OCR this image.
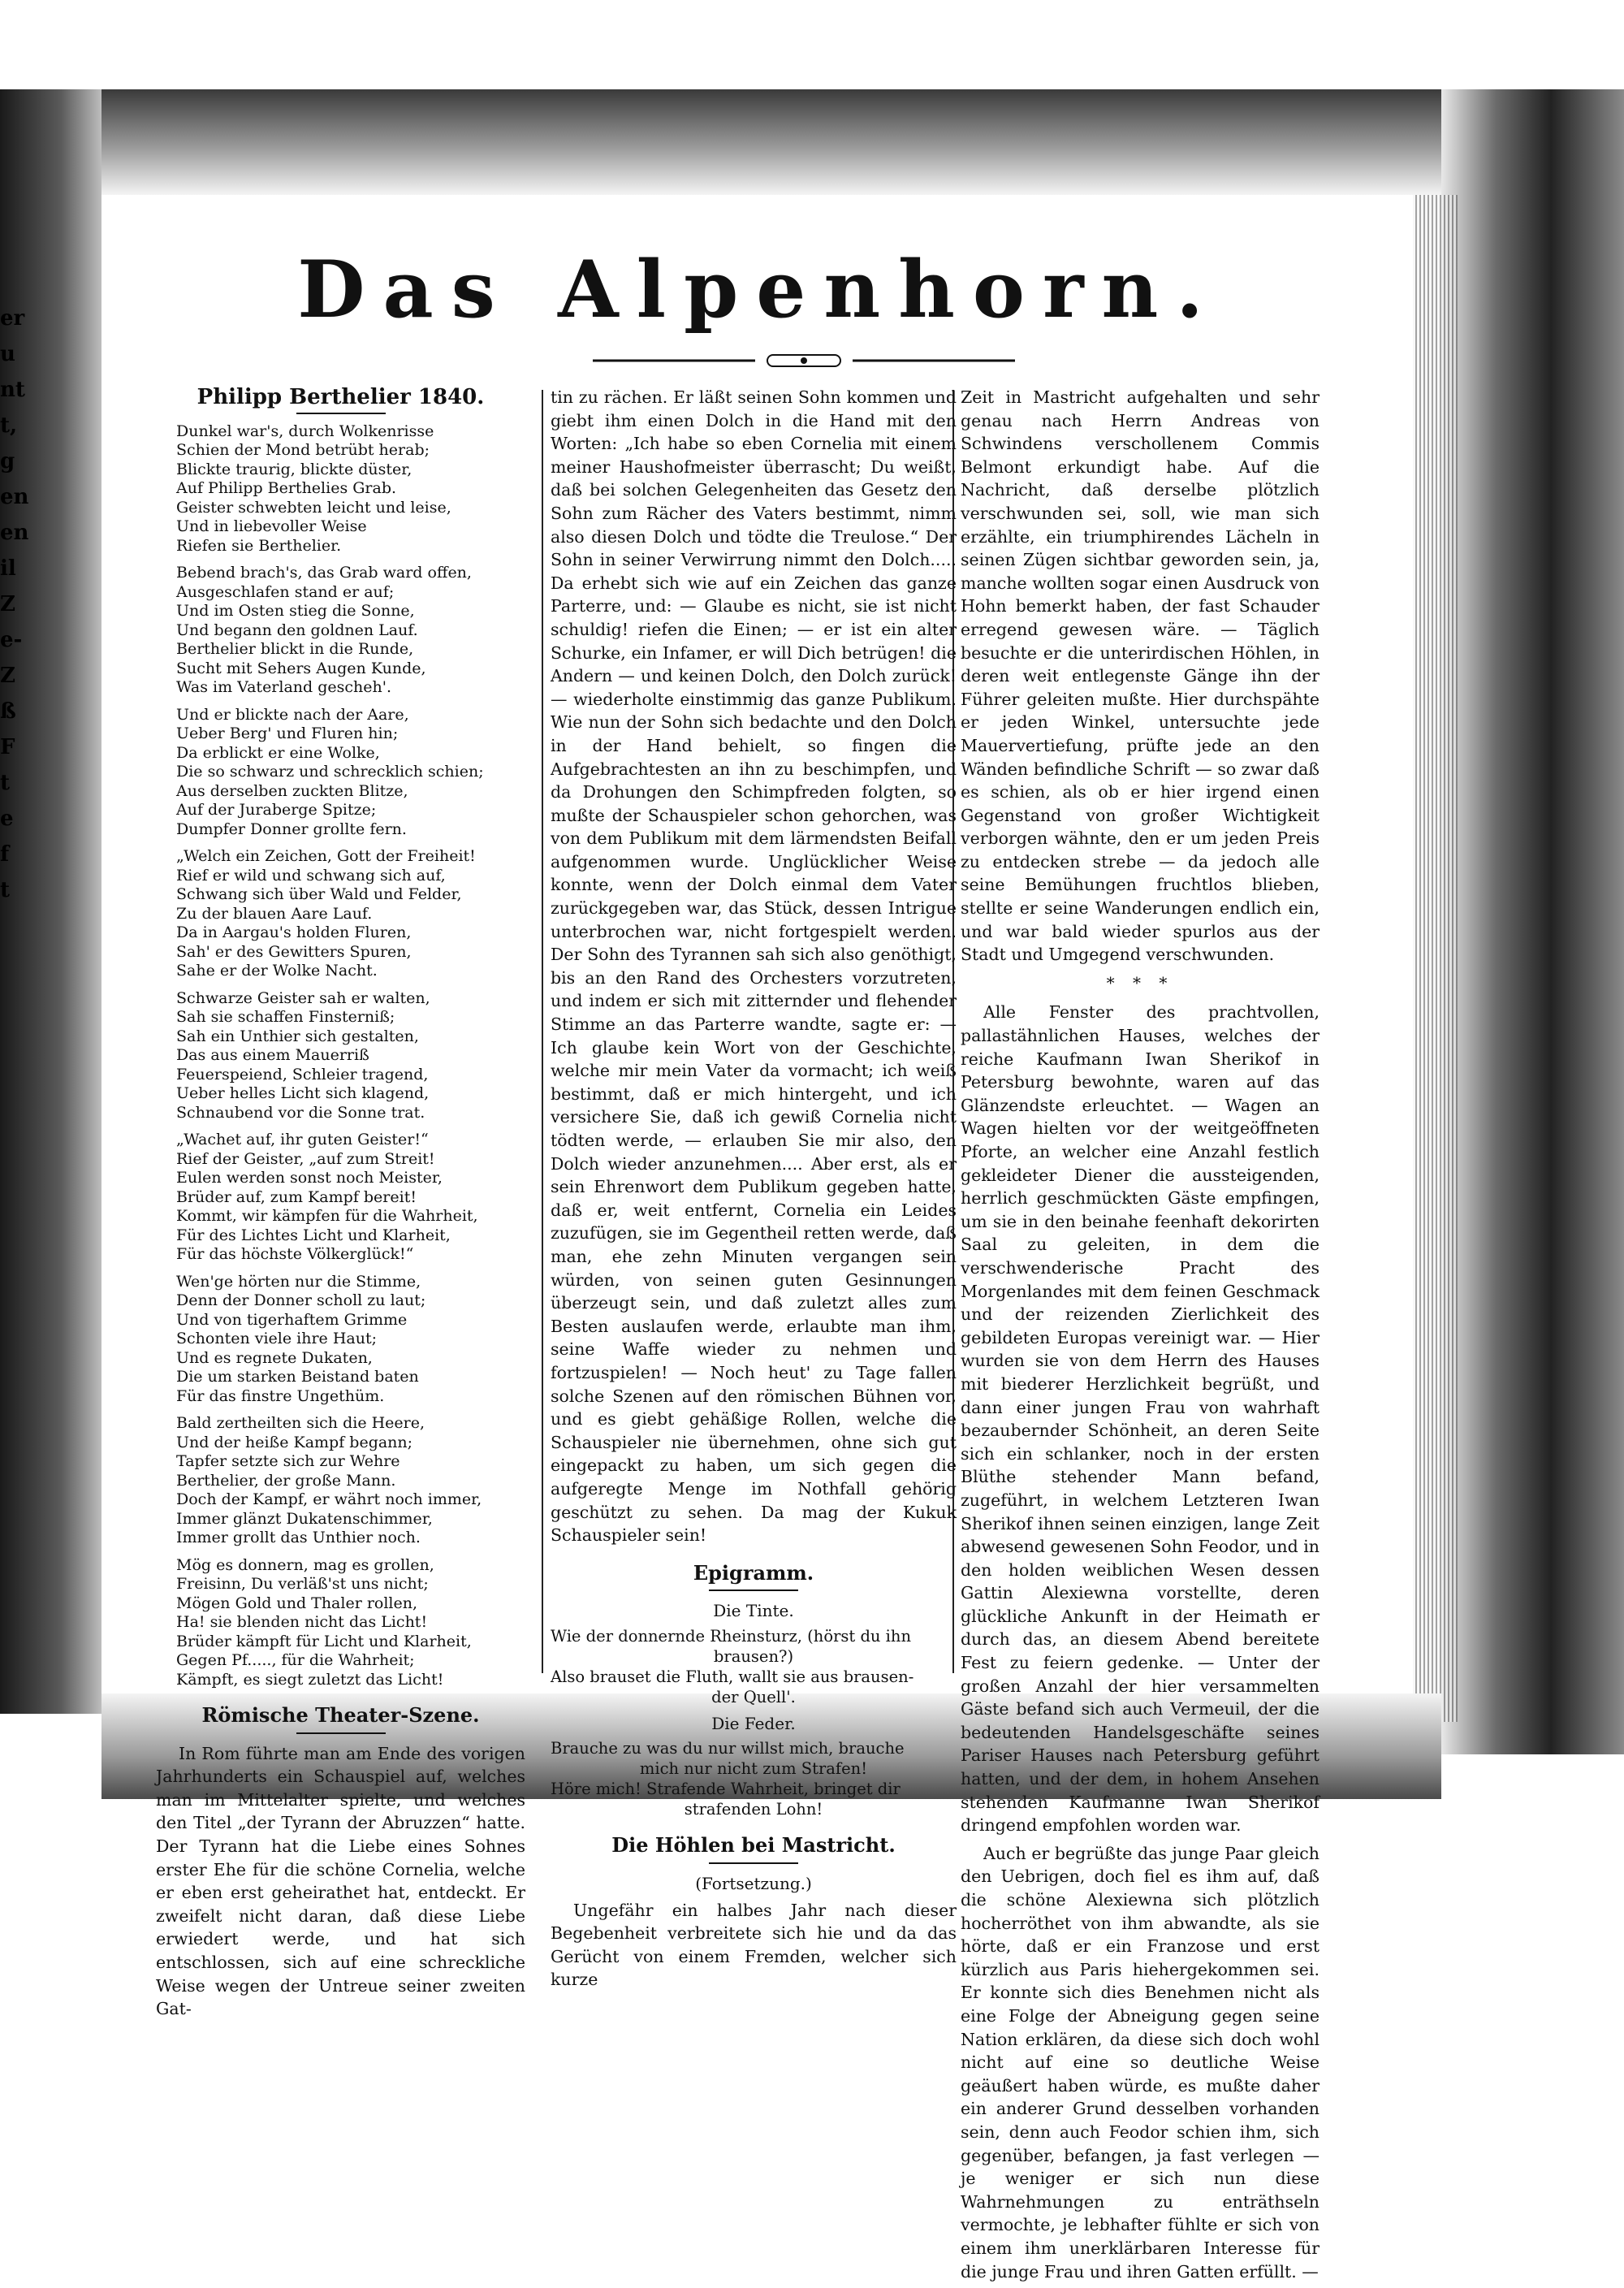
er
u
nt
t,
g
en
en
il
Z
e-
Z
ß
F
t
e
f
t
Das Alpenhorn.
Philipp Berthelier 1840.
Dunkel war's, durch Wolkenrisse
Schien der Mond betrübt herab;
Blickte traurig, blickte düster,
Auf Philipp Berthelies Grab.
Geister schwebten leicht und leise,
Und in liebevoller Weise
Riefen sie Berthelier.
Bebend brach's, das Grab ward offen,
Ausgeschlafen stand er auf;
Und im Osten stieg die Sonne,
Und begann den goldnen Lauf.
Berthelier blickt in die Runde,
Sucht mit Sehers Augen Kunde,
Was im Vaterland gescheh'.
Und er blickte nach der Aare,
Ueber Berg' und Fluren hin;
Da erblickt er eine Wolke,
Die so schwarz und schrecklich schien;
Aus derselben zuckten Blitze,
Auf der Juraberge Spitze;
Dumpfer Donner grollte fern.
„Welch ein Zeichen, Gott der Freiheit!
Rief er wild und schwang sich auf,
Schwang sich über Wald und Felder,
Zu der blauen Aare Lauf.
Da in Aargau's holden Fluren,
Sah' er des Gewitters Spuren,
Sahe er der Wolke Nacht.
Schwarze Geister sah er walten,
Sah sie schaffen Finsterniß;
Sah ein Unthier sich gestalten,
Das aus einem Mauerriß
Feuerspeiend, Schleier tragend,
Ueber helles Licht sich klagend,
Schnaubend vor die Sonne trat.
„Wachet auf, ihr guten Geister!“
Rief der Geister, „auf zum Streit!
Eulen werden sonst noch Meister,
Brüder auf, zum Kampf bereit!
Kommt, wir kämpfen für die Wahrheit,
Für des Lichtes Licht und Klarheit,
Für das höchste Völkerglück!“
Wen'ge hörten nur die Stimme,
Denn der Donner scholl zu laut;
Und von tigerhaftem Grimme
Schonten viele ihre Haut;
Und es regnete Dukaten,
Die um starken Beistand baten
Für das finstre Ungethüm.
Bald zertheilten sich die Heere,
Und der heiße Kampf begann;
Tapfer setzte sich zur Wehre
Berthelier, der große Mann.
Doch der Kampf, er währt noch immer,
Immer glänzt Dukatenschimmer,
Immer grollt das Unthier noch.
Mög es donnern, mag es grollen,
Freisinn, Du verläß'st uns nicht;
Mögen Gold und Thaler rollen,
Ha! sie blenden nicht das Licht!
Brüder kämpft für Licht und Klarheit,
Gegen Pf....., für die Wahrheit;
Kämpft, es siegt zuletzt das Licht!
Römische Theater-Szene.

In Rom führte man am Ende des vorigen Jahrhunderts ein Schauspiel auf, welches man im Mittelalter spielte, und welches den Titel „der Tyrann der Abruzzen“ hatte. Der Tyrann hat die Liebe eines Sohnes erster Ehe für die schöne Cornelia, welche er eben erst geheirathet hat, entdeckt. Er zweifelt nicht daran, daß diese Liebe erwiedert werde, und hat sich entschlossen, sich auf eine schreckliche Weise wegen der Untreue seiner zweiten Gat-

tin zu rächen. Er läßt seinen Sohn kommen und giebt ihm einen Dolch in die Hand mit den Worten: „Ich habe so eben Cornelia mit einem meiner Haushofmeister überrascht; Du weißt, daß bei solchen Gelegenheiten das Gesetz den Sohn zum Rächer des Vaters bestimmt, nimm also diesen Dolch und tödte die Treulose.“ Der Sohn in seiner Verwirrung nimmt den Dolch..... Da erhebt sich wie auf ein Zeichen das ganze Parterre, und: — Glaube es nicht, sie ist nicht schuldig! riefen die Einen; — er ist ein alter Schurke, ein Infamer, er will Dich betrügen! die Andern — und keinen Dolch, den Dolch zurück! — wiederholte einstimmig das ganze Publikum. Wie nun der Sohn sich bedachte und den Dolch in der Hand behielt, so fingen die Aufgebrachtesten an ihn zu beschimpfen, und da Drohungen den Schimpfreden folgten, so mußte der Schauspieler schon gehorchen, was von dem Publikum mit dem lärmendsten Beifall aufgenommen wurde. Unglücklicher Weise konnte, wenn der Dolch einmal dem Vater zurückgegeben war, das Stück, dessen Intrigue unterbrochen war, nicht fortgespielt werden. Der Sohn des Tyrannen sah sich also genöthigt, bis an den Rand des Orchesters vorzutreten, und indem er sich mit zitternder und flehender Stimme an das Parterre wandte, sagte er: — Ich glaube kein Wort von der Geschichte, welche mir mein Vater da vormacht; ich weiß bestimmt, daß er mich hintergeht, und ich versichere Sie, daß ich gewiß Cornelia nicht tödten werde, — erlauben Sie mir also, den Dolch wieder anzunehmen.... Aber erst, als er sein Ehrenwort dem Publikum gegeben hatte, daß er, weit entfernt, Cornelia ein Leides zuzufügen, sie im Gegentheil retten werde, daß man, ehe zehn Minuten vergangen sein würden, von seinen guten Gesinnungen überzeugt sein, und daß zuletzt alles zum Besten auslaufen werde, erlaubte man ihm, seine Waffe wieder zu nehmen und fortzuspielen! — Noch heut' zu Tage fallen solche Szenen auf den römischen Bühnen vor, und es giebt gehäßige Rollen, welche die Schauspieler nie übernehmen, ohne sich gut eingepackt zu haben, um sich gegen die aufgeregte Menge im Nothfall gehörig geschützt zu sehen. Da mag der Kukuk Schauspieler sein!

Epigramm.
Die Tinte.
Wie der donnernde Rheinsturz, (hörst du ihn
brausen?)
Also brauset die Fluth, wallt sie aus brausen-
der Quell'.
Die Feder.
Brauche zu was du nur willst mich, brauche
mich nur nicht zum Strafen!
Höre mich! Strafende Wahrheit, bringet dir
strafenden Lohn!
Die Höhlen bei Mastricht.
(Fortsetzung.)

Ungefähr ein halbes Jahr nach dieser Begebenheit verbreitete sich hie und da das Gerücht von einem Fremden, welcher sich kurze

Zeit in Mastricht aufgehalten und sehr genau nach Herrn Andreas von Schwindens verschollenem Commis Belmont erkundigt habe. Auf die Nachricht, daß derselbe plötzlich verschwunden sei, soll, wie man sich erzählte, ein triumphirendes Lächeln in seinen Zügen sichtbar geworden sein, ja, manche wollten sogar einen Ausdruck von Hohn bemerkt haben, der fast Schauder erregend gewesen wäre. — Täglich besuchte er die unterirdischen Höhlen, in deren weit entlegenste Gänge ihn der Führer geleiten mußte. Hier durchspähte er jeden Winkel, untersuchte jede Mauervertiefung, prüfte jede an den Wänden befindliche Schrift — so zwar daß es schien, als ob er hier irgend einen Gegenstand von großer Wichtigkeit verborgen wähnte, den er um jeden Preis zu entdecken strebe — da jedoch alle seine Bemühungen fruchtlos blieben, stellte er seine Wanderungen endlich ein, und war bald wieder spurlos aus der Stadt und Umgegend verschwunden.

* * *

Alle Fenster des prachtvollen, pallastähnlichen Hauses, welches der reiche Kaufmann Iwan Sherikof in Petersburg bewohnte, waren auf das Glänzendste erleuchtet. — Wagen an Wagen hielten vor der weitgeöffneten Pforte, an welcher eine Anzahl festlich gekleideter Diener die aussteigenden, herrlich geschmückten Gäste empfingen, um sie in den beinahe feenhaft dekorirten Saal zu geleiten, in dem die verschwenderische Pracht des Morgenlandes mit dem feinen Geschmack und der reizenden Zierlichkeit des gebildeten Europas vereinigt war. — Hier wurden sie von dem Herrn des Hauses mit biederer Herzlichkeit begrüßt, und dann einer jungen Frau von wahrhaft bezaubernder Schönheit, an deren Seite sich ein schlanker, noch in der ersten Blüthe stehender Mann befand, zugeführt, in welchem Letzteren Iwan Sherikof ihnen seinen einzigen, lange Zeit abwesend gewesenen Sohn Feodor, und in den holden weiblichen Wesen dessen Gattin Alexiewna vorstellte, deren glückliche Ankunft in der Heimath er durch das, an diesem Abend bereitete Fest zu feiern gedenke. — Unter der großen Anzahl der hier versammelten Gäste befand sich auch Vermeuil, der die bedeutenden Handelsgeschäfte seines Pariser Hauses nach Petersburg geführt hatten, und der dem, in hohem Ansehen stehenden Kaufmanne Iwan Sherikof dringend empfohlen worden war.

Auch er begrüßte das junge Paar gleich den Uebrigen, doch fiel es ihm auf, daß die schöne Alexiewna sich plötzlich hocherröthet von ihm abwandte, als sie hörte, daß er ein Franzose und erst kürzlich aus Paris hiehergekommen sei. Er konnte sich dies Benehmen nicht als eine Folge der Abneigung gegen seine Nation erklären, da diese sich doch wohl nicht auf eine so deutliche Weise geäußert haben würde, es mußte daher ein anderer Grund desselben vorhanden sein, denn auch Feodor schien ihm, sich gegenüber, befangen, ja fast verlegen — je weniger er sich nun diese Wahrnehmungen zu enträthseln vermochte, je lebhafter fühlte er sich von einem ihm unerklärbaren Interesse für die junge Frau und ihren Gatten erfüllt. —
